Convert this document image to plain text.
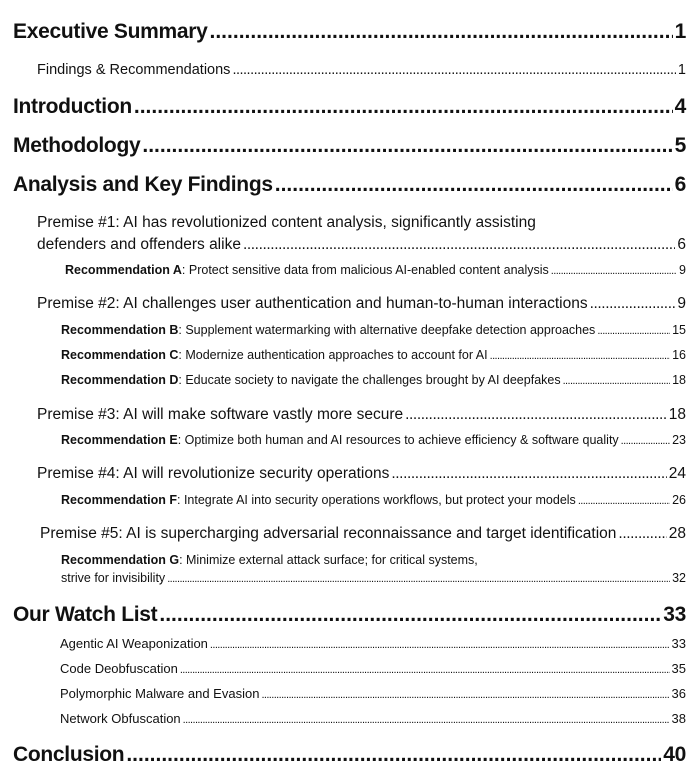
Executive Summary .....	1
Findings & Recommendations .....	1
Introduction .....	4
Methodology .....	5
Analysis and Key Findings .....	6
Premise #1: AI has revolutionized content analysis, significantly assisting
defenders and offenders alike .....	6
Recommendation A: Protect sensitive data from malicious AI-enabled content analysis .....	9
Premise #2: AI challenges user authentication and human-to-human interactions .....	9
Recommendation B: Supplement watermarking with alternative deepfake detection approaches .....	15
Recommendation C: Modernize authentication approaches to account for AI .....	16
Recommendation D: Educate society to navigate the challenges brought by AI deepfakes .....	18
Premise #3: AI will make software vastly more secure .....	18
Recommendation E: Optimize both human and AI resources to achieve efficiency & software quality .....	23
Premise #4: AI will revolutionize security operations .....	24
Recommendation F: Integrate AI into security operations workflows, but protect your models .....	26
Premise #5: AI is supercharging adversarial reconnaissance and target identification .....	28
Recommendation G: Minimize external attack surface; for critical systems,
strive for invisibility .....	32
Our Watch List .....	33
Agentic AI Weaponization .....	33
Code Deobfuscation .....	35
Polymorphic Malware and Evasion .....	36
Network Obfuscation .....	38
Conclusion .....	40
